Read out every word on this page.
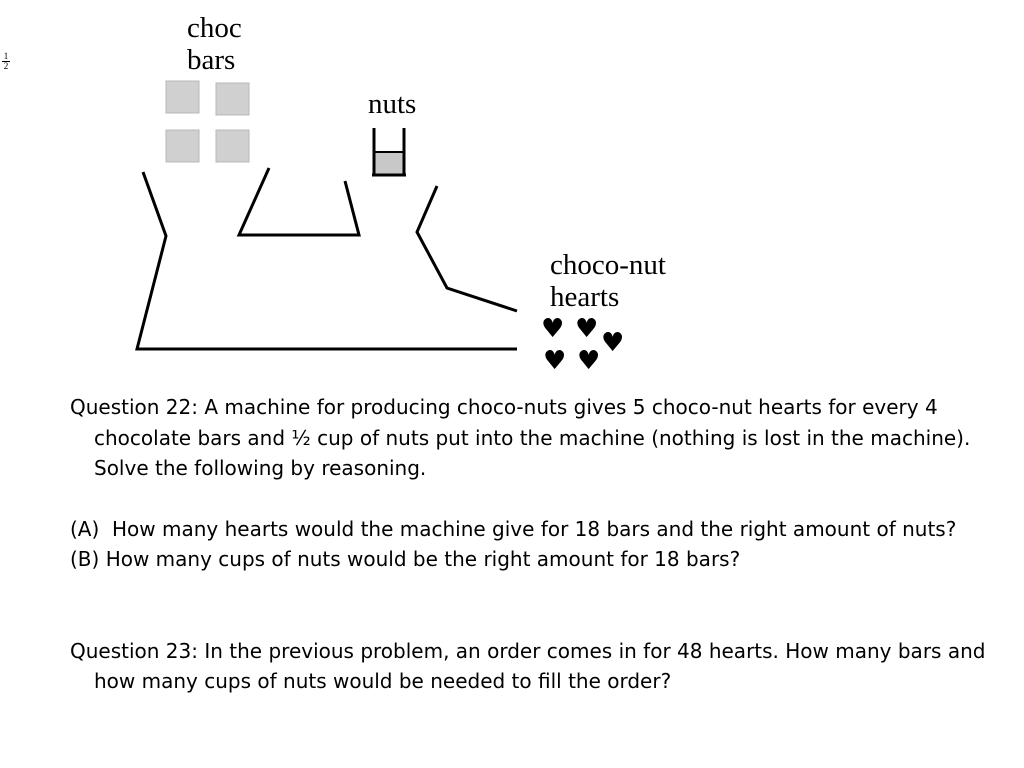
$\frac{1}{2}$
choc
bars
nuts
choco-nut
hearts
♥ ♥ ♥
♥ ♥

Question 22: A machine for producing choco-nuts gives 5 choco-nut hearts for every 4 chocolate bars and ½ cup of nuts put into the machine (nothing is lost in the machine). Solve the following by reasoning.

(A)
How many hearts would the machine give for 18 bars and the right amount of nuts?

(B)
How many cups of nuts would be the right amount for 18 bars?

Question 23: In the previous problem, an order comes in for 48 hearts. How many bars and how many cups of nuts would be needed to fill the order?
